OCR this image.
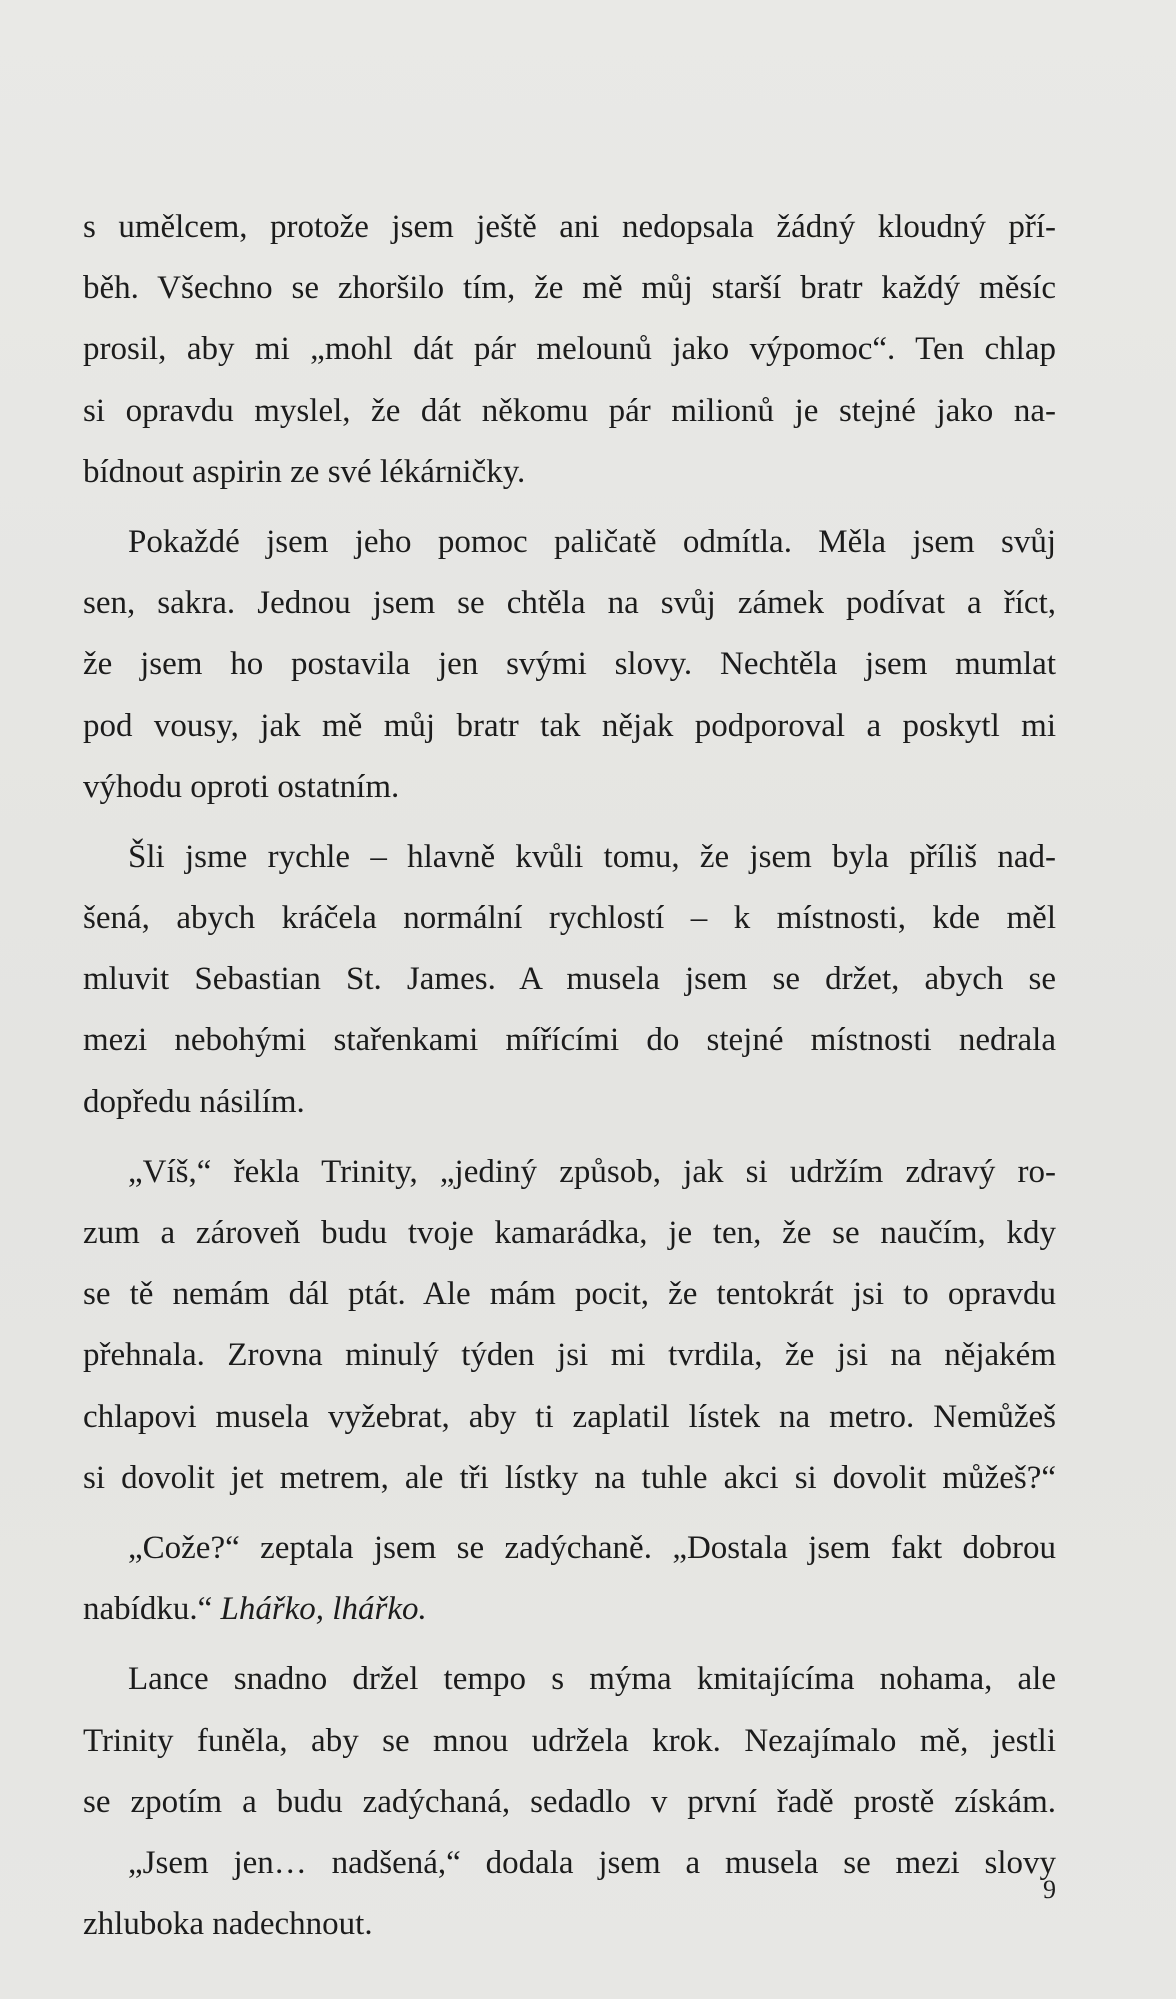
s umělcem, protože jsem ještě ani nedopsala žádný kloudný pří-
běh. Všechno se zhoršilo tím, že mě můj starší bratr každý měsíc
prosil, aby mi „mohl dát pár melounů jako výpomoc“. Ten chlap
si opravdu myslel, že dát někomu pár milionů je stejné jako na-
bídnout aspirin ze své lékárničky.
Pokaždé jsem jeho pomoc paličatě odmítla. Měla jsem svůj
sen, sakra. Jednou jsem se chtěla na svůj zámek podívat a říct,
že jsem ho postavila jen svými slovy. Nechtěla jsem mumlat
pod vousy, jak mě můj bratr tak nějak podporoval a poskytl mi
výhodu oproti ostatním.
Šli jsme rychle – hlavně kvůli tomu, že jsem byla příliš nad-
šená, abych kráčela normální rychlostí – k místnosti, kde měl
mluvit Sebastian St. James. A musela jsem se držet, abych se
mezi nebohými stařenkami mířícími do stejné místnosti nedrala
dopředu násilím.
„Víš,“ řekla Trinity, „jediný způsob, jak si udržím zdravý ro-
zum a zároveň budu tvoje kamarádka, je ten, že se naučím, kdy
se tě nemám dál ptát. Ale mám pocit, že tentokrát jsi to opravdu
přehnala. Zrovna minulý týden jsi mi tvrdila, že jsi na nějakém
chlapovi musela vyžebrat, aby ti zaplatil lístek na metro. Nemůžeš
si dovolit jet metrem, ale tři lístky na tuhle akci si dovolit můžeš?“
„Cože?“ zeptala jsem se zadýchaně. „Dostala jsem fakt dobrou
nabídku.“ Lhářko, lhářko.
Lance snadno držel tempo s mýma kmitajícíma nohama, ale
Trinity funěla, aby se mnou udržela krok. Nezajímalo mě, jestli
se zpotím a budu zadýchaná, sedadlo v první řadě prostě získám.
„Jsem jen… nadšená,“ dodala jsem a musela se mezi slovy
zhluboka nadechnout.
9
